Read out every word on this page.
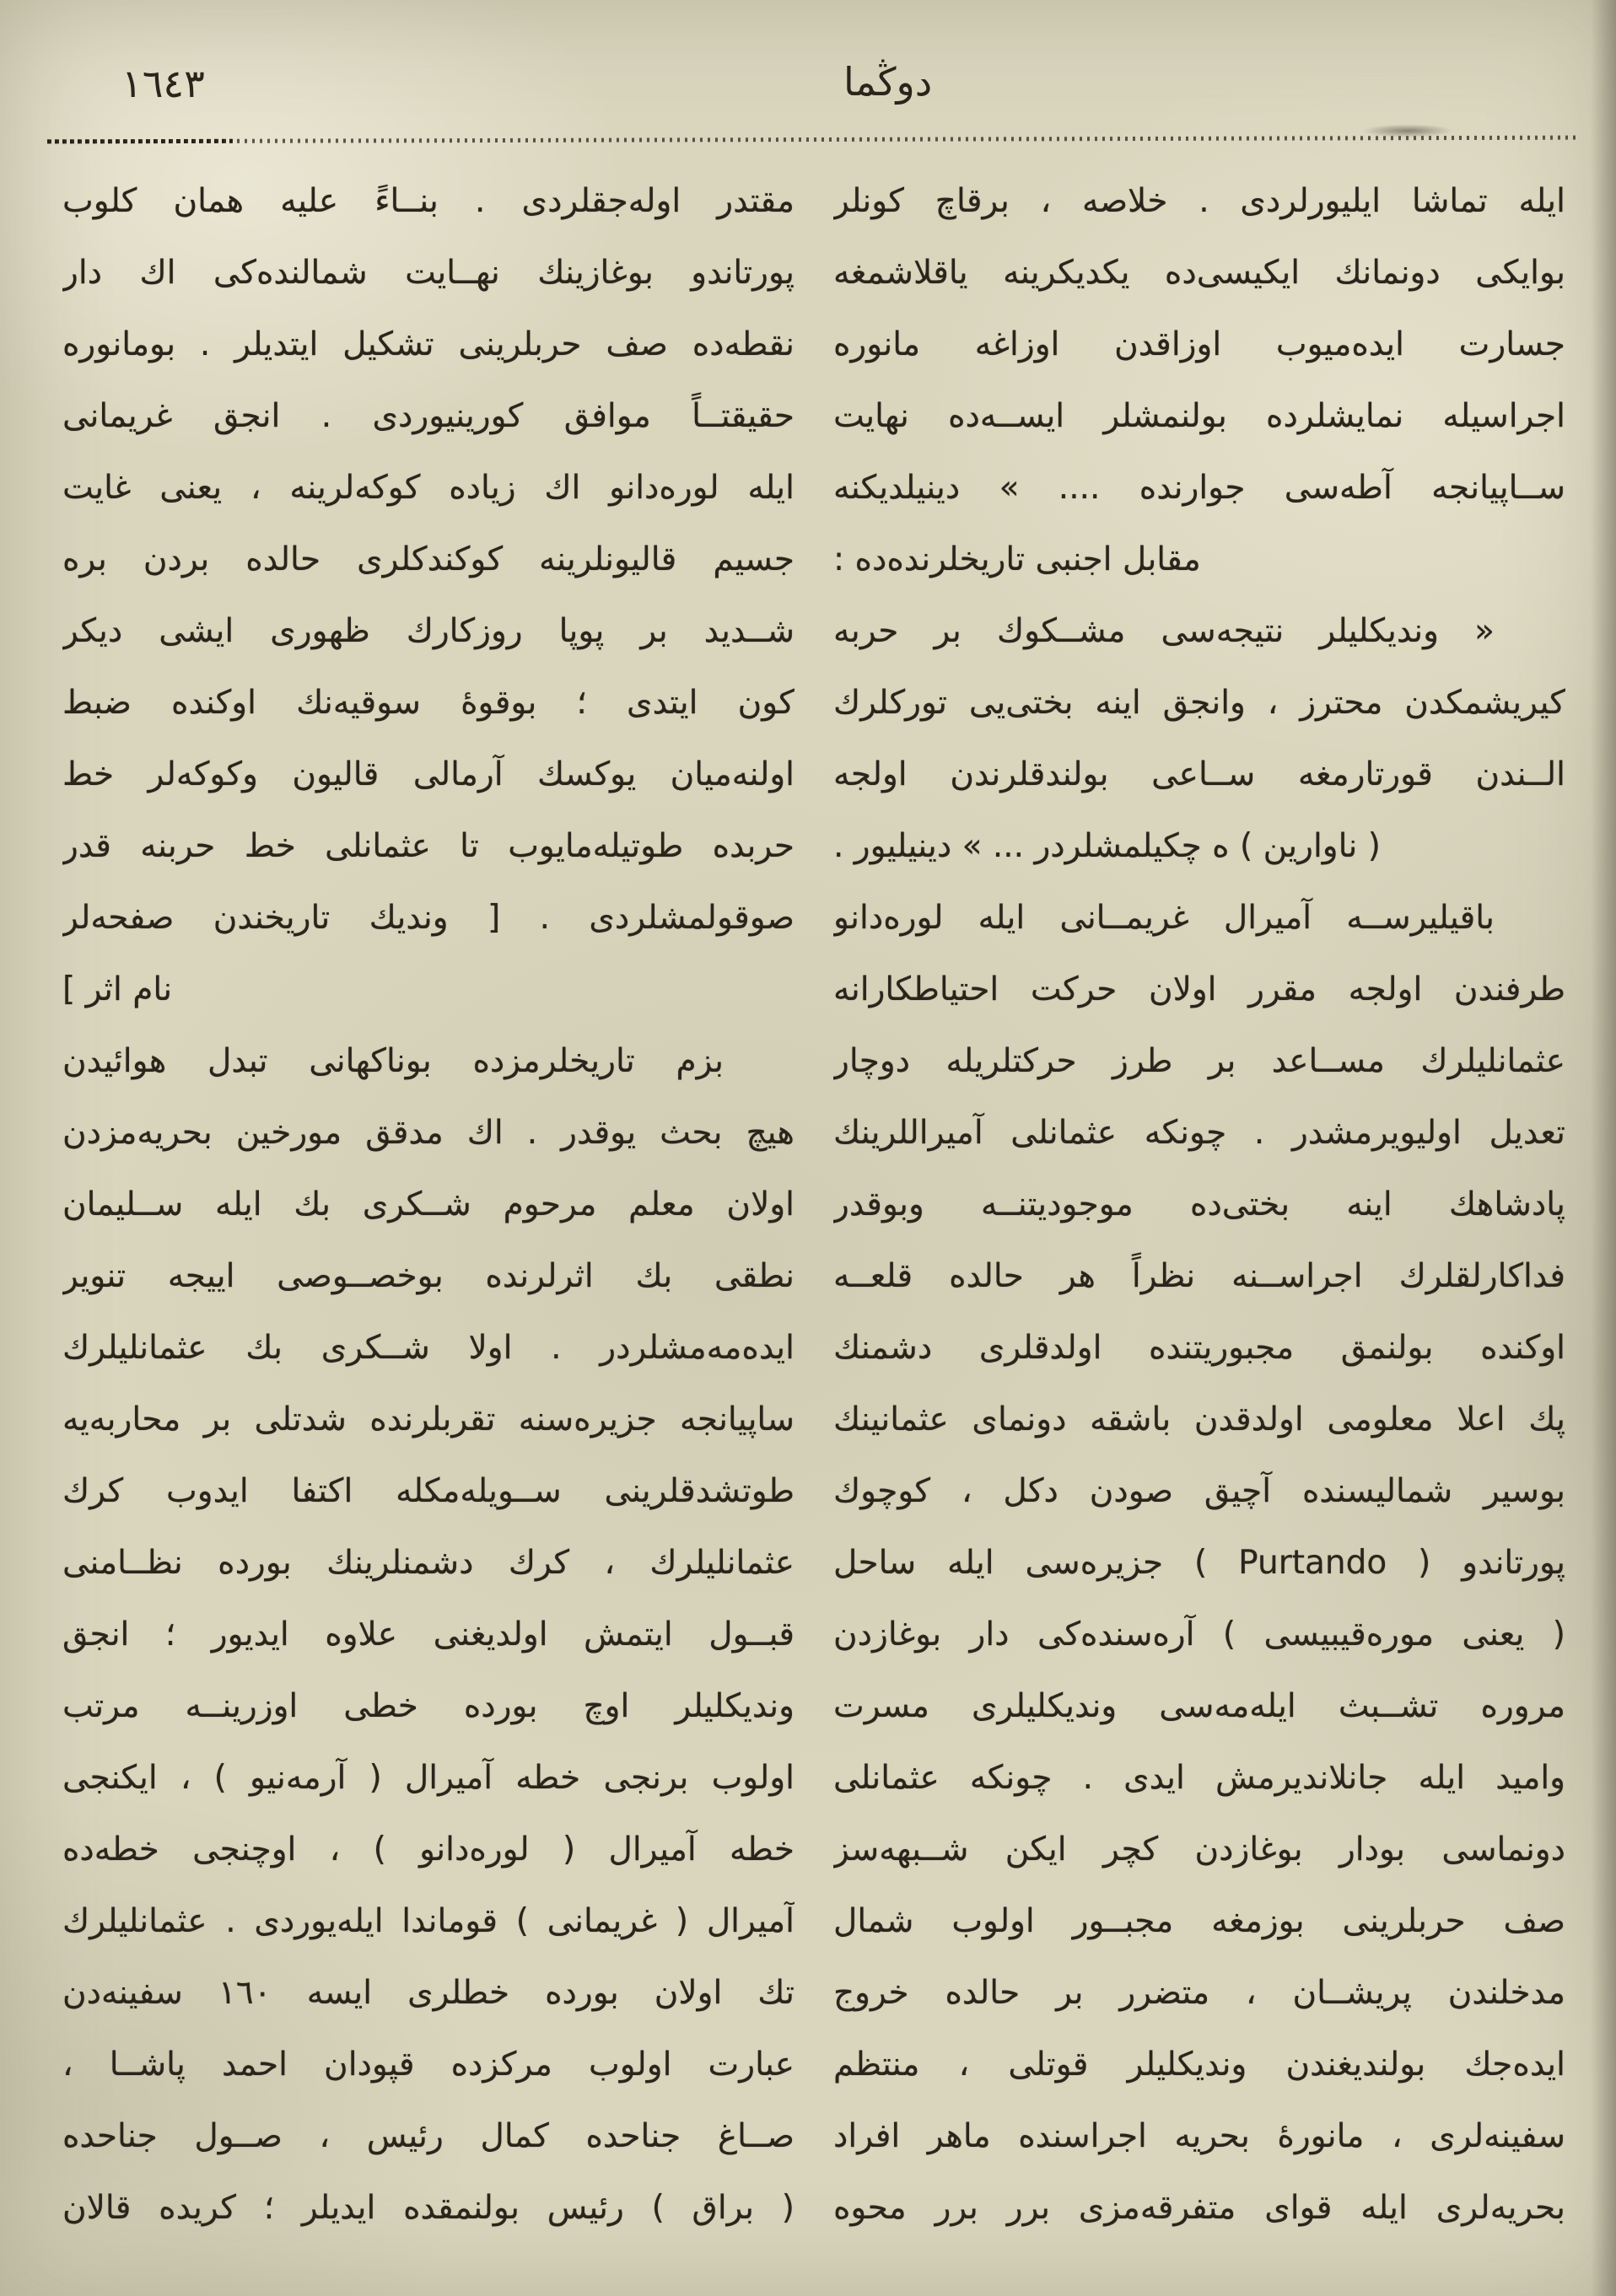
١٦٤٣	دوڭما
ايله تماشا ايليورلردى . خلاصه ، برقاچ كونلر
بوايكى دونمانك ايكيسى‌ده يكديكرينه ياقلاشمغه
جسارت ايده‌ميوب اوزاقدن اوزاغه مانوره
اجراسيله نمايشلرده بولنمشلر ايســه‌ده نهايت
ســاپيانجه آطه‌سى جوارنده .... » دينيلديكنه
مقابل اجنبى تاريخلرنده‌ده :
« ونديكليلر نتيجه‌سى مشــكوك بر حربه
كيريشمكدن محترز ، وانجق اينه بختى‌يى توركلرك
الــندن قورتارمغه ســاعى بولندقلرندن اولجه
( ناوارين ) ه چكيلمشلردر ... » دينيليور .
باقيليرســه آميرال غريمــانى ايله لوره‌دانو
طرفندن اولجه مقرر اولان حركت احتياطكارانه
عثمانليلرك مســاعد بر طرز حركتلريله دوچار
تعديل اوليويرمشدر . چونكه عثمانلى آميراللرينك
پادشاهك اينه بختى‌ده موجوديتنــه وبوقدر
فداكارلقلرك اجراســنه نظراً هر حالده قلعــه
اوكنده بولنمق مجبوريتنده اولدقلرى دشمنك
پك اعلا معلومى اولدقدن باشقه دونماى عثمانينك
بوسير شماليسنده آچيق صودن دكل ، كوچوك
پورتاندو ( Purtando ) جزيره‌سى ايله ساحل
( يعنى موره‌قيبيسى ) آره‌سنده‌كى دار بوغازدن
مروره تشــبث ايله‌مه‌سى ونديكليلرى مسرت
واميد ايله جانلانديرمش ايدى . چونكه عثمانلى
دونماسى بودار بوغازدن كچر ايكن شــبهه‌سز
صف حربلرينى بوزمغه مجبــور اولوب شمال
مدخلندن پريشــان ، متضرر بر حالده خروج
ايده‌جك بولنديغندن ونديكليلر قوتلى ، منتظم
سفينه‌لرى ، مانورهٔ بحريه اجراسنده ماهر افراد
بحريه‌لرى ايله قواى متفرقه‌مزى برر برر محوه
مقتدر اوله‌جقلردى . بنــاءً عليه همان كلوب
پورتاندو بوغازينك نهــايت شمالنده‌كى اك دار
نقطه‌ده صف حربلرينى تشكيل ايتديلر . بومانوره
حقيقتــاً موافق كورينيوردى . انجق غريمانى
ايله لوره‌دانو اك زياده كوكه‌لرينه ، يعنى غايت
جسيم قاليونلرينه كوكندكلرى حالده بردن بره
شــديد بر پوپا روزكارك ظهورى ايشى ديكر
كون ايتدى ؛ بوقوهٔ سوقيه‌نك اوكنده ضبط
اولنه‌ميان يوكسك آرمالى قاليون وكوكه‌لر خط
حربده طوتيله‌مايوب تا عثمانلى خط حربنه قدر
صوقولمشلردى . [ ونديك تاريخندن صفحه‌لر
نام اثر ]
بزم تاريخلرمزده بوناكهانى تبدل هوائيدن
هيچ بحث يوقدر . اك مدقق مورخين بحريه‌مزدن
اولان معلم مرحوم شــكرى بك ايله ســليمان
نطقى بك اثرلرنده بوخصــوصى اييجه تنوير
ايده‌مه‌مشلردر . اولا شــكرى بك عثمانليلرك
ساپيانجه جزيره‌سنه تقربلرنده شدتلى بر محاربه‌يه
طوتشدقلرينى ســويله‌مكله اكتفا ايدوب كرك
عثمانليلرك ، كرك دشمنلرينك بورده نظــامنى
قبــول ايتمش اولديغنى علاوه ايديور ؛ انجق
ونديكليلر اوچ بورده خطى اوزرينــه مرتب
اولوب برنجى خطه آميرال ( آرمه‌نيو ) ، ايكنجى
خطه آميرال ( لوره‌دانو ) ، اوچنجى خطه‌ده
آميرال ( غريمانى ) قوماندا ايله‌يوردى . عثمانليلرك
تك اولان بورده خطلرى ايسه ١٦٠ سفينه‌دن
عبارت اولوب مركزده قپودان احمد پاشــا ،
صــاغ جناحده كمال رئيس ، صــول جناحده
( براق ) رئيس بولنمقده ايديلر ؛ كريده قالان
